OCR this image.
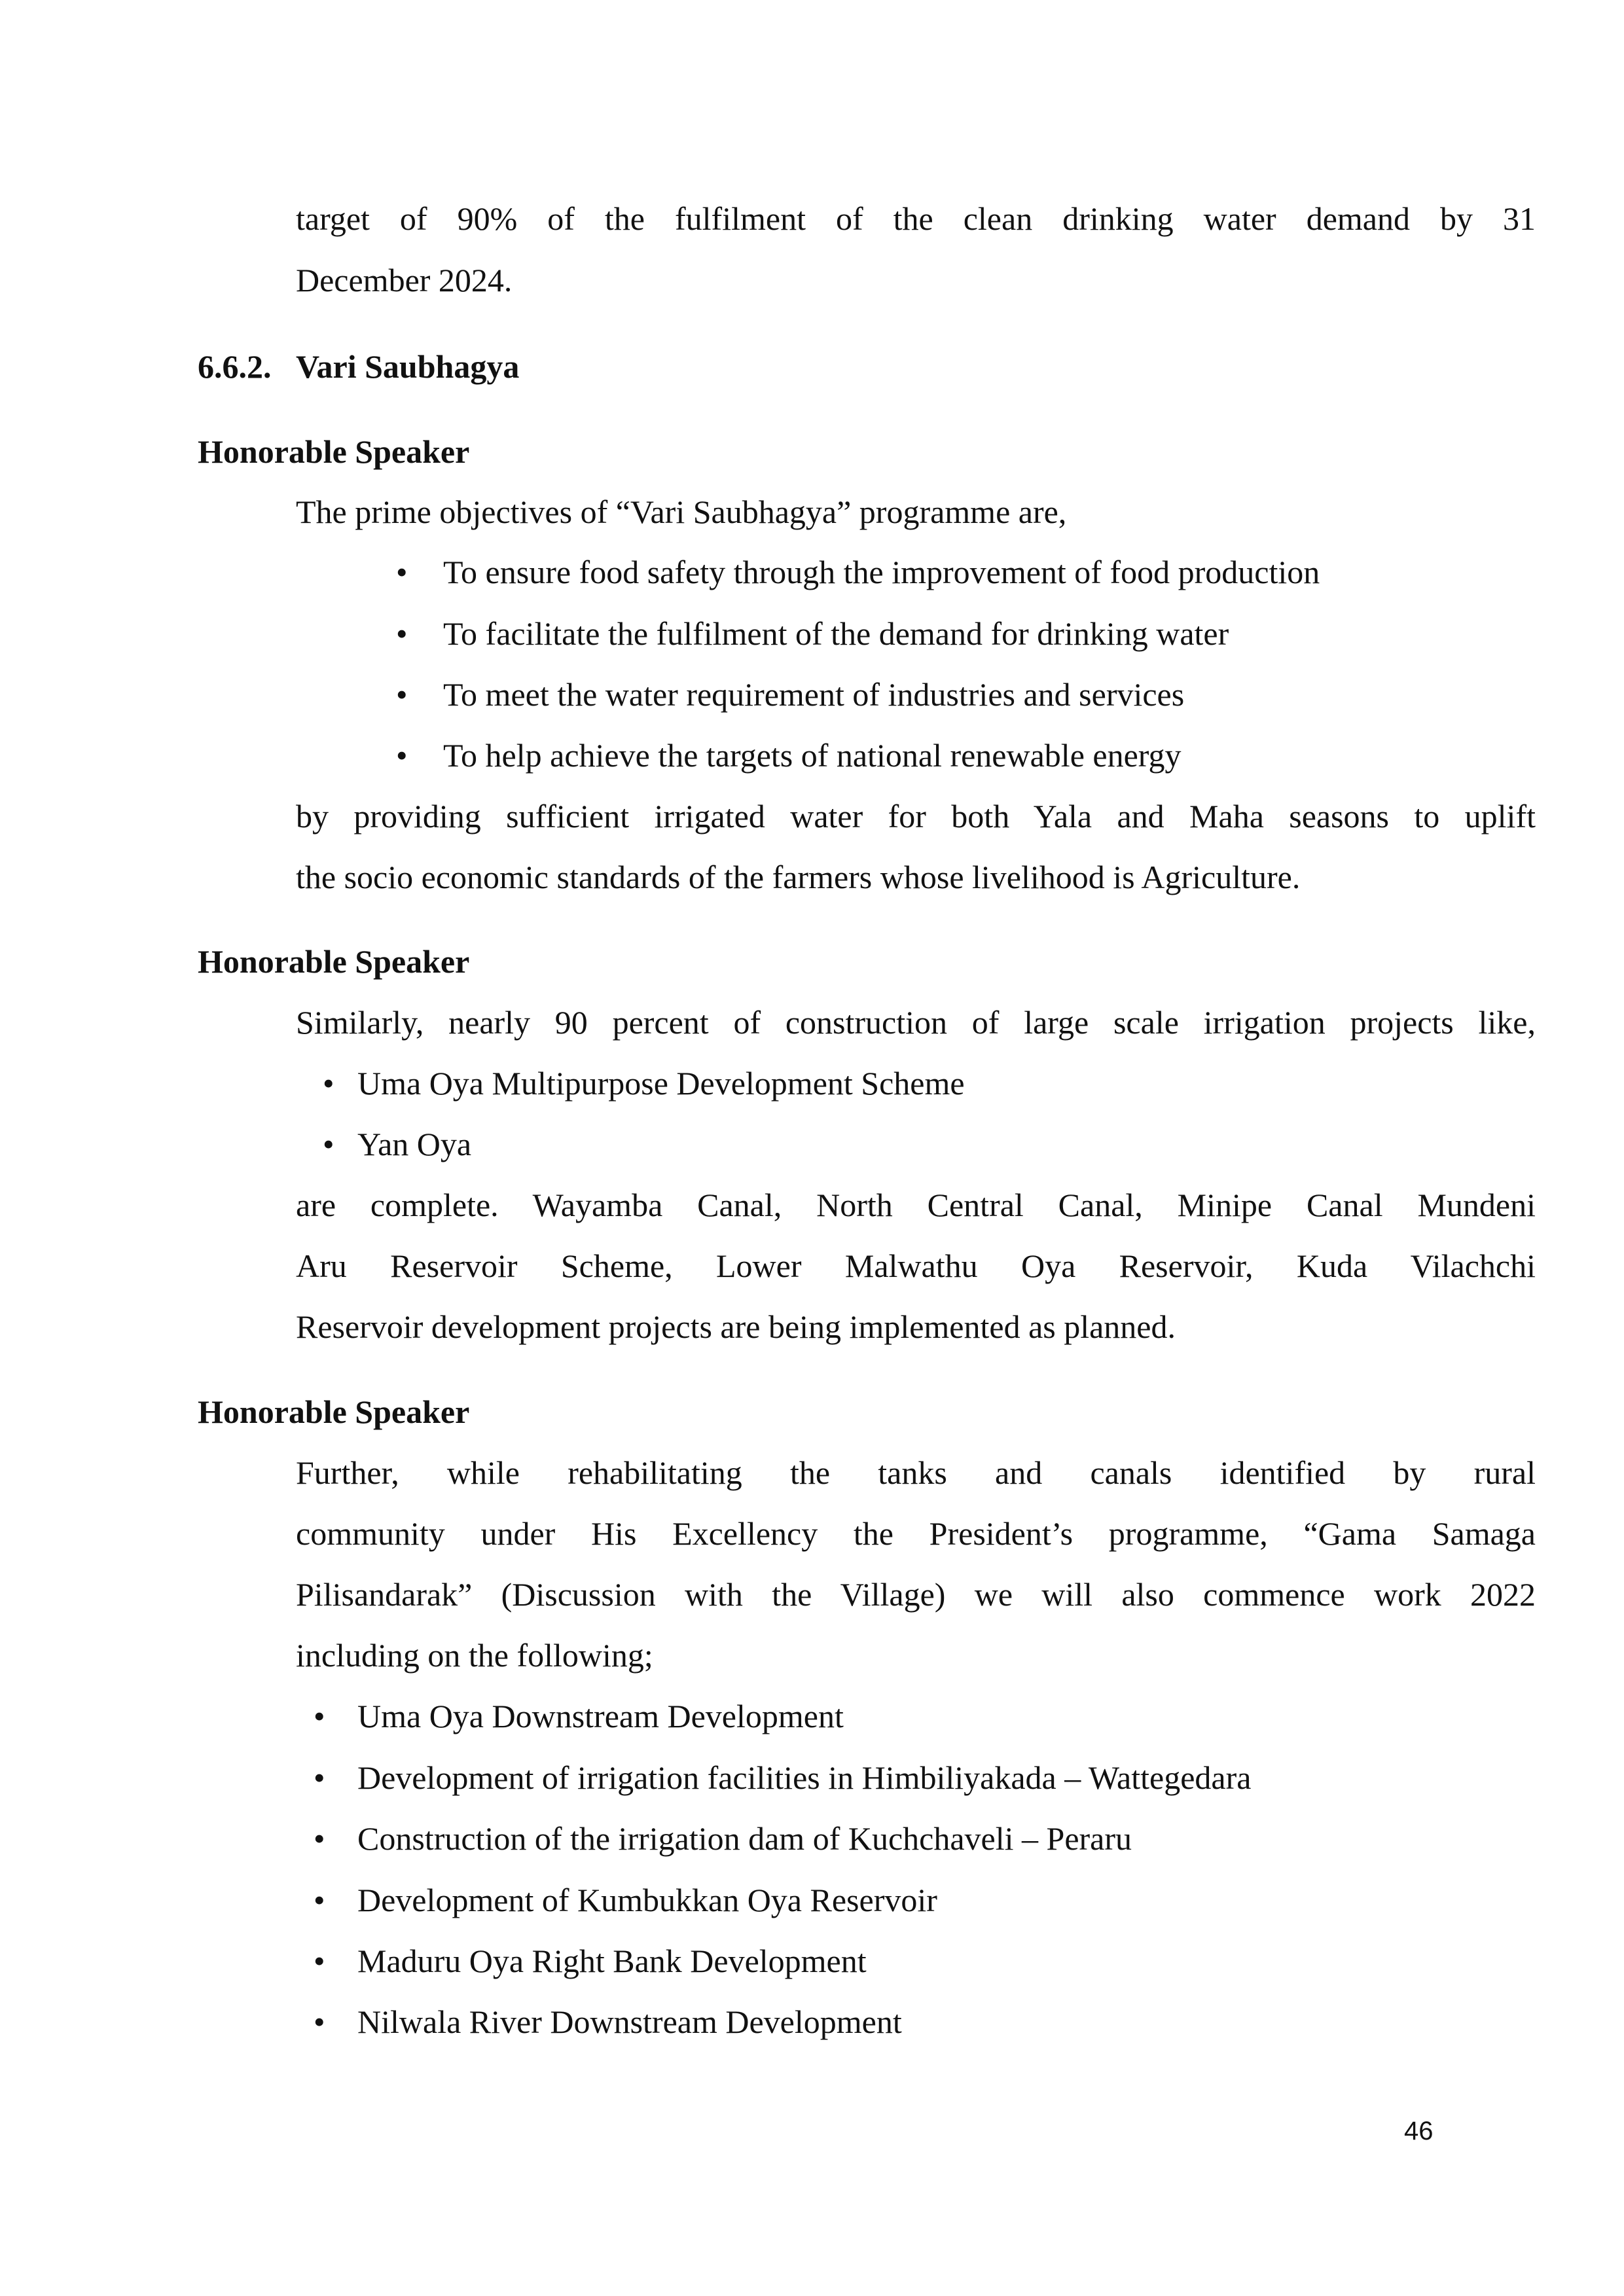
target of 90% of the fulfilment of the clean drinking water demand by 31
December 2024.
6.6.2. Vari Saubhagya
Honorable Speaker
The prime objectives of “Vari Saubhagya” programme are,
• To ensure food safety through the improvement of food production
• To facilitate the fulfilment of the demand for drinking water
• To meet the water requirement of industries and services
• To help achieve the targets of national renewable energy
by providing sufficient irrigated water for both Yala and Maha seasons to uplift
the socio economic standards of the farmers whose livelihood is Agriculture.
Honorable Speaker
Similarly, nearly 90 percent of construction of large scale irrigation projects like,
• Uma Oya Multipurpose Development Scheme
• Yan Oya
are complete. Wayamba Canal, North Central Canal, Minipe Canal Mundeni
Aru Reservoir Scheme, Lower Malwathu Oya Reservoir, Kuda Vilachchi
Reservoir development projects are being implemented as planned.
Honorable Speaker
Further, while rehabilitating the tanks and canals identified by rural
community under His Excellency the President’s programme, “Gama Samaga
Pilisandarak” (Discussion with the Village) we will also commence work 2022
including on the following;
• Uma Oya Downstream Development
• Development of irrigation facilities in Himbiliyakada – Wattegedara
• Construction of the irrigation dam of Kuchchaveli – Peraru
• Development of Kumbukkan Oya Reservoir
• Maduru Oya Right Bank Development
• Nilwala River Downstream Development
46
